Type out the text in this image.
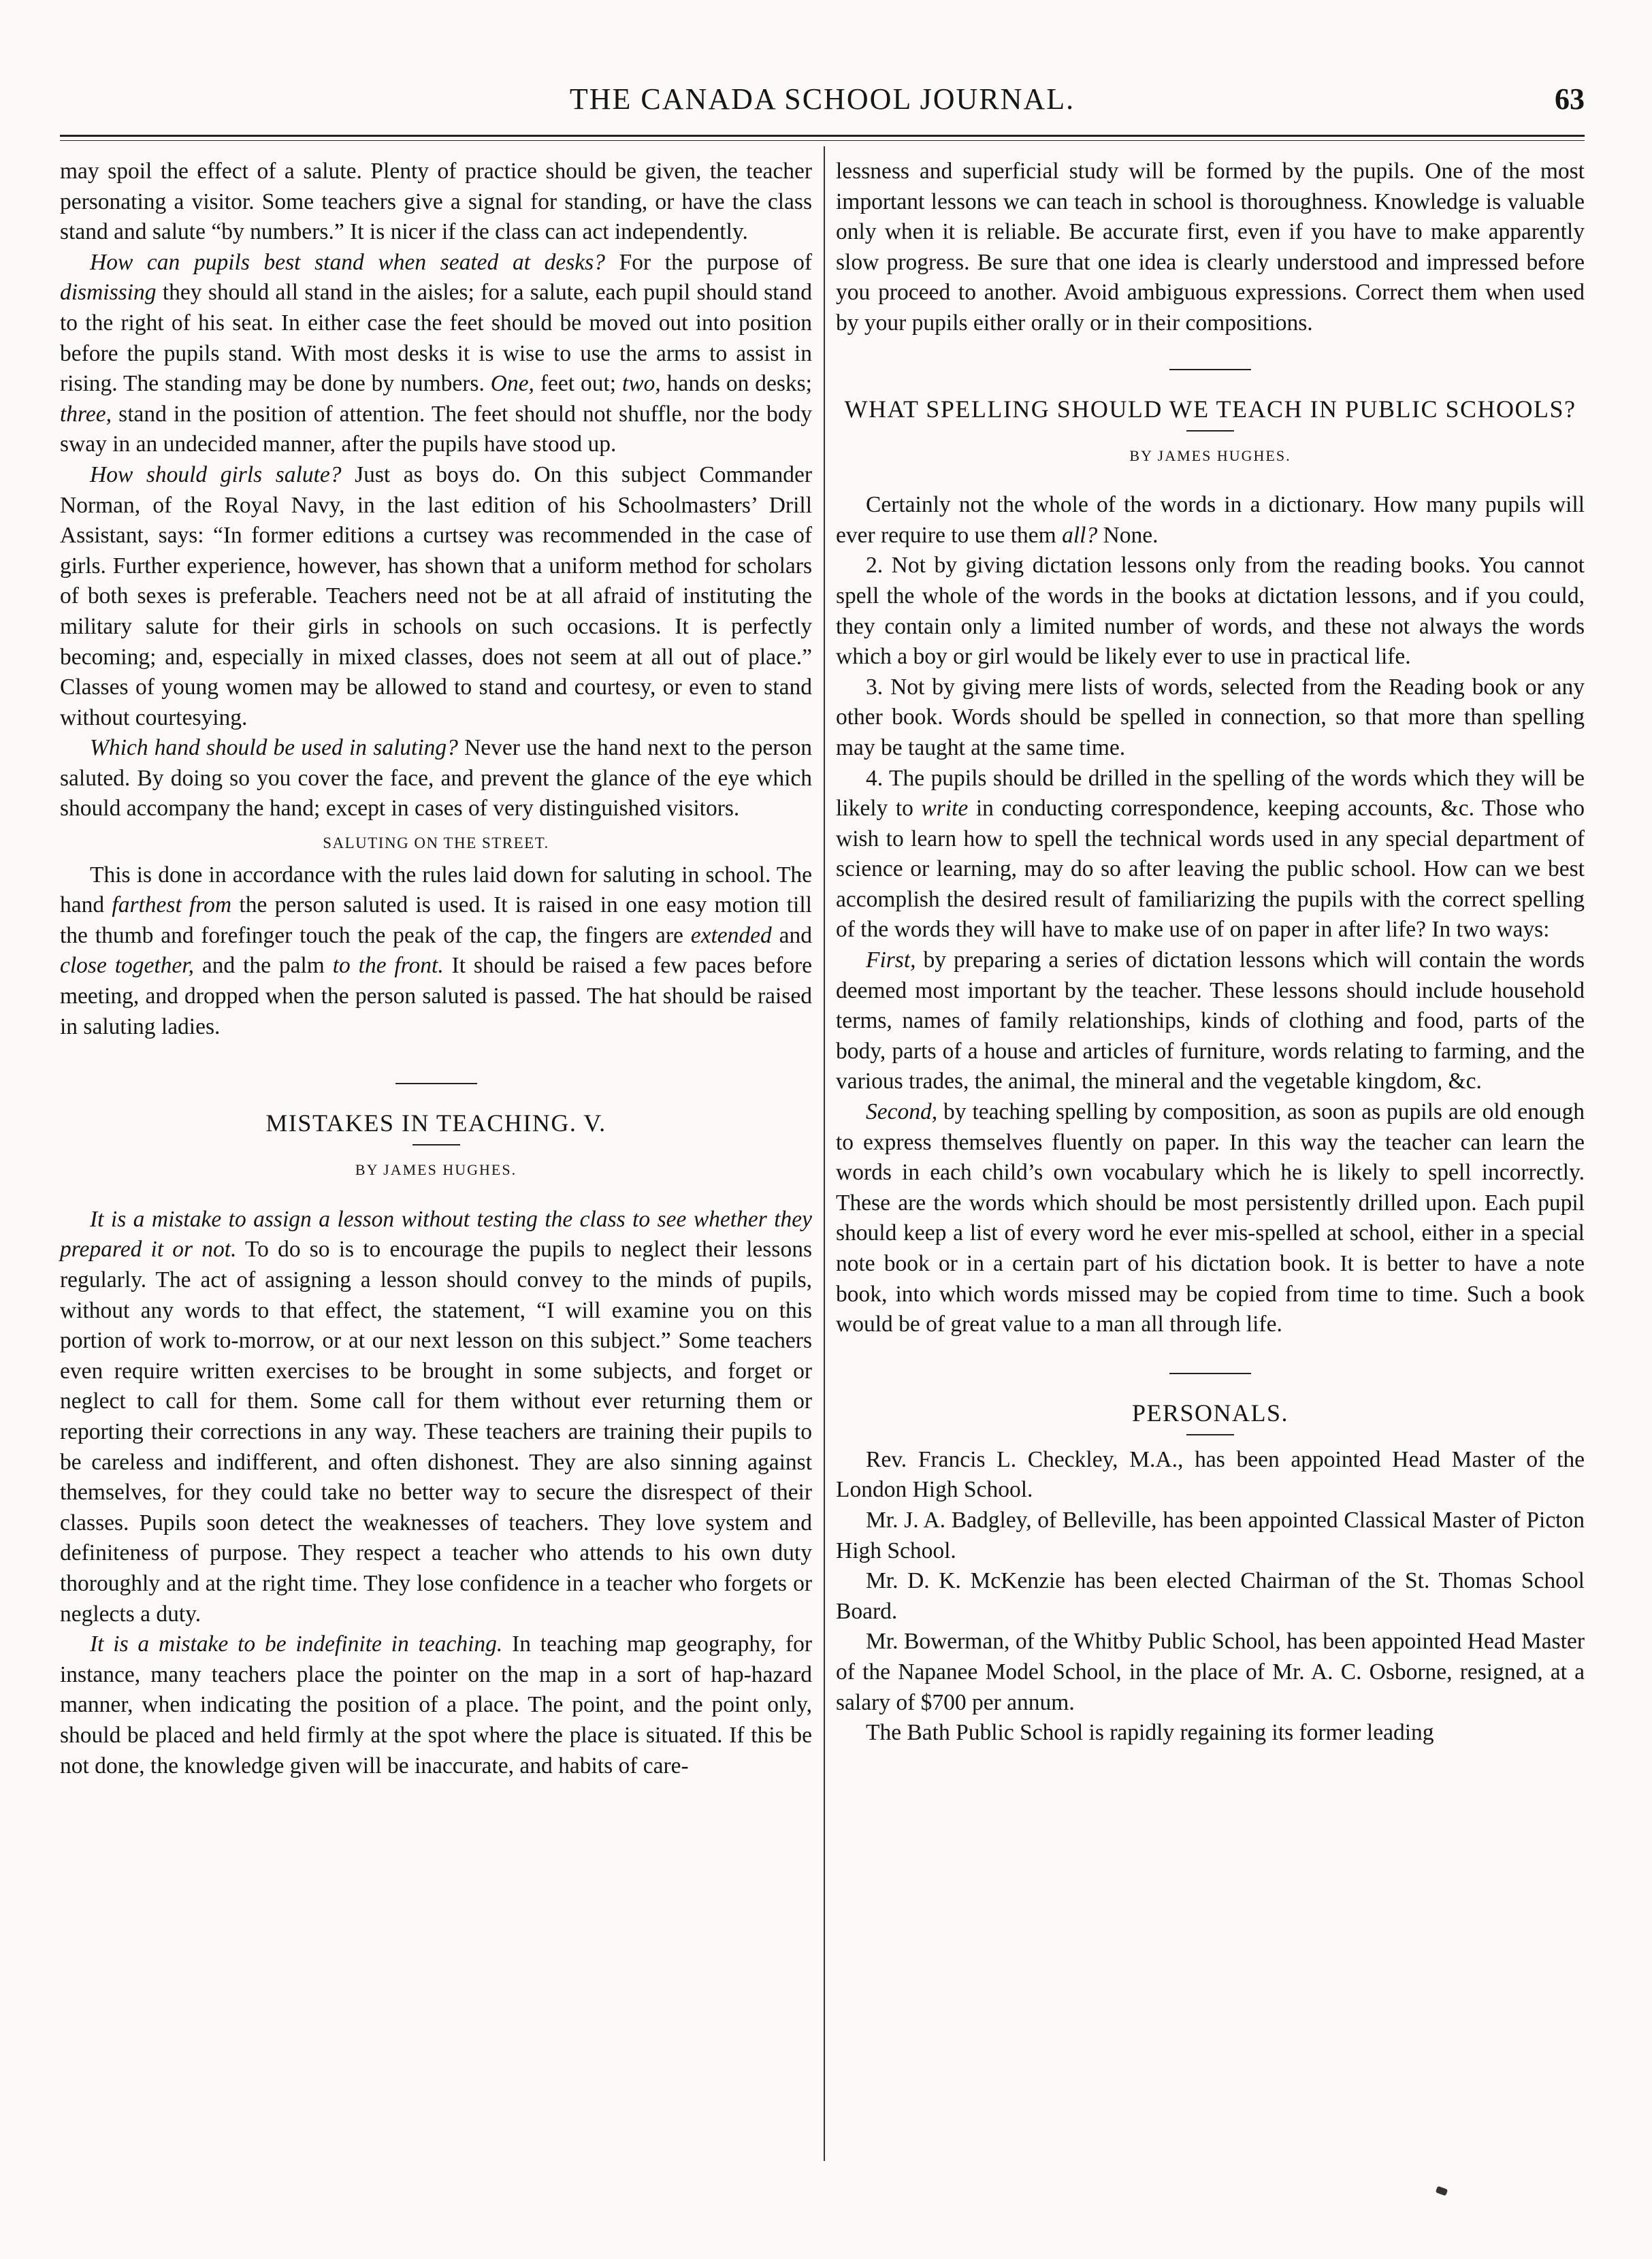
THE CANADA SCHOOL JOURNAL.	63

may spoil the effect of a salute. Plenty of practice should be given, the teacher personating a visitor. Some teachers give a signal for standing, or have the class stand and salute “by numbers.” It is nicer if the class can act independently.

How can pupils best stand when seated at desks? For the purpose of dismissing they should all stand in the aisles; for a salute, each pupil should stand to the right of his seat. In either case the feet should be moved out into position before the pupils stand. With most desks it is wise to use the arms to assist in rising. The standing may be done by numbers. One, feet out; two, hands on desks; three, stand in the position of attention. The feet should not shuffle, nor the body sway in an undecided manner, after the pupils have stood up.

How should girls salute? Just as boys do. On this subject Commander Norman, of the Royal Navy, in the last edition of his Schoolmasters’ Drill Assistant, says: “In former editions a curtsey was recommended in the case of girls. Further experience, however, has shown that a uniform method for scholars of both sexes is preferable. Teachers need not be at all afraid of instituting the military salute for their girls in schools on such occasions. It is perfectly becoming; and, especially in mixed classes, does not seem at all out of place.” Classes of young women may be allowed to stand and courtesy, or even to stand without courtesying.

Which hand should be used in saluting? Never use the hand next to the person saluted. By doing so you cover the face, and prevent the glance of the eye which should accompany the hand; except in cases of very distinguished visitors.

SALUTING ON THE STREET.

This is done in accordance with the rules laid down for saluting in school. The hand farthest from the person saluted is used. It is raised in one easy motion till the thumb and forefinger touch the peak of the cap, the fingers are extended and close together, and the palm to the front. It should be raised a few paces before meeting, and dropped when the person saluted is passed. The hat should be raised in saluting ladies.

MISTAKES IN TEACHING. V.
BY JAMES HUGHES.

It is a mistake to assign a lesson without testing the class to see whether they prepared it or not. To do so is to encourage the pupils to neglect their lessons regularly. The act of assigning a lesson should convey to the minds of pupils, without any words to that effect, the statement, “I will examine you on this portion of work to-morrow, or at our next lesson on this subject.” Some teachers even require written exercises to be brought in some subjects, and forget or neglect to call for them. Some call for them without ever returning them or reporting their corrections in any way. These teachers are training their pupils to be careless and indifferent, and often dishonest. They are also sinning against themselves, for they could take no better way to secure the disrespect of their classes. Pupils soon detect the weaknesses of teachers. They love system and definiteness of purpose. They respect a teacher who attends to his own duty thoroughly and at the right time. They lose confidence in a teacher who forgets or neglects a duty.

It is a mistake to be indefinite in teaching. In teaching map geography, for instance, many teachers place the pointer on the map in a sort of hap-hazard manner, when indicating the position of a place. The point, and the point only, should be placed and held firmly at the spot where the place is situated. If this be not done, the knowledge given will be inaccurate, and habits of care-

lessness and superficial study will be formed by the pupils. One of the most important lessons we can teach in school is thoroughness. Knowledge is valuable only when it is reliable. Be accurate first, even if you have to make apparently slow progress. Be sure that one idea is clearly understood and impressed before you proceed to another. Avoid ambiguous expressions. Correct them when used by your pupils either orally or in their compositions.

WHAT SPELLING SHOULD WE TEACH IN PUBLIC SCHOOLS?
BY JAMES HUGHES.

Certainly not the whole of the words in a dictionary. How many pupils will ever require to use them all? None.

2. Not by giving dictation lessons only from the reading books. You cannot spell the whole of the words in the books at dictation lessons, and if you could, they contain only a limited number of words, and these not always the words which a boy or girl would be likely ever to use in practical life.

3. Not by giving mere lists of words, selected from the Reading book or any other book. Words should be spelled in connection, so that more than spelling may be taught at the same time.

4. The pupils should be drilled in the spelling of the words which they will be likely to write in conducting correspondence, keeping accounts, &c. Those who wish to learn how to spell the technical words used in any special department of science or learning, may do so after leaving the public school. How can we best accomplish the desired result of familiarizing the pupils with the correct spelling of the words they will have to make use of on paper in after life? In two ways:

First, by preparing a series of dictation lessons which will contain the words deemed most important by the teacher. These lessons should include household terms, names of family relationships, kinds of clothing and food, parts of the body, parts of a house and articles of furniture, words relating to farming, and the various trades, the animal, the mineral and the vegetable kingdom, &c.

Second, by teaching spelling by composition, as soon as pupils are old enough to express themselves fluently on paper. In this way the teacher can learn the words in each child’s own vocabulary which he is likely to spell incorrectly. These are the words which should be most persistently drilled upon. Each pupil should keep a list of every word he ever mis-spelled at school, either in a special note book or in a certain part of his dictation book. It is better to have a note book, into which words missed may be copied from time to time. Such a book would be of great value to a man all through life.

PERSONALS.

Rev. Francis L. Checkley, M.A., has been appointed Head Master of the London High School.

Mr. J. A. Badgley, of Belleville, has been appointed Classical Master of Picton High School.

Mr. D. K. McKenzie has been elected Chairman of the St. Thomas School Board.

Mr. Bowerman, of the Whitby Public School, has been appointed Head Master of the Napanee Model School, in the place of Mr. A. C. Osborne, resigned, at a salary of $700 per annum.

The Bath Public School is rapidly regaining its former leading
